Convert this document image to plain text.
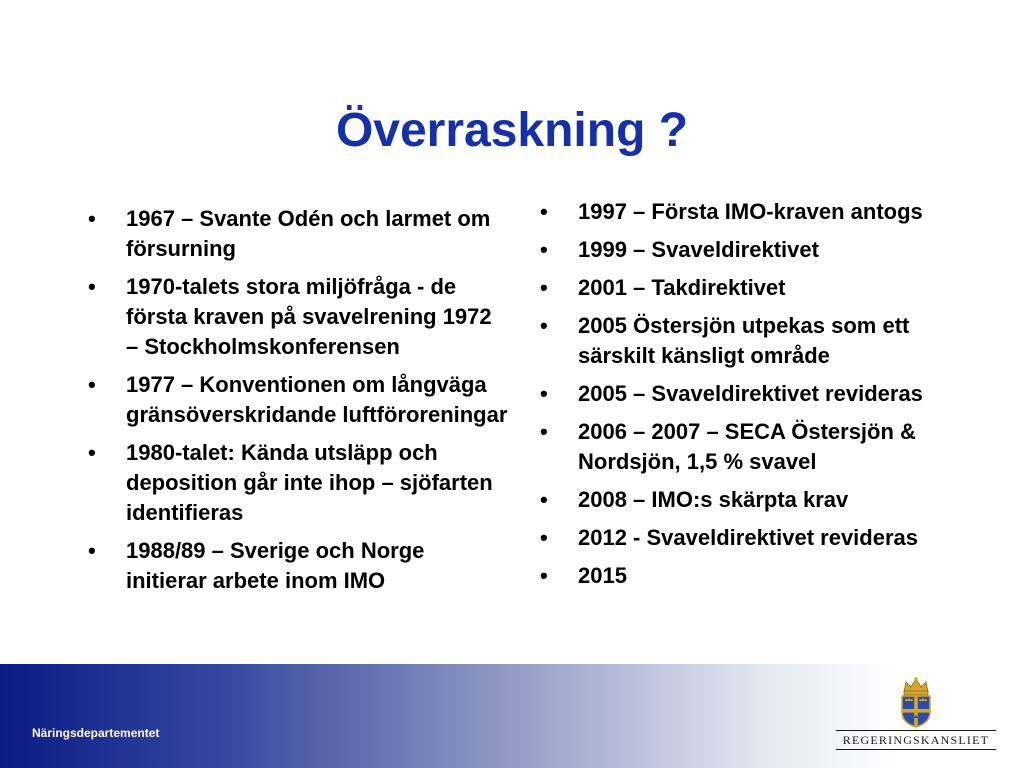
Överraskning ?
•	1967 – Svante Odén och larmet om försurning
•	1970-talets stora miljöfråga - de första kraven på svavelrening 1972 – Stockholmskonferensen
•	1977 – Konventionen om långväga gränsöverskridande luftföroreningar
•	1980-talet: Kända utsläpp och deposition går inte ihop – sjöfarten identifieras
•	1988/89 – Sverige och Norge initierar arbete inom IMO
•	1997 – Första IMO-kraven antogs
•	1999 – Svaveldirektivet
•	2001 – Takdirektivet
•	2005 Östersjön utpekas som ett särskilt känsligt område
•	2005 – Svaveldirektivet revideras
•	2006 – 2007 – SECA Östersjön & Nordsjön, 1,5 % svavel
•	2008 – IMO:s skärpta krav
•	2012 - Svaveldirektivet revideras
•	2015
Näringsdepartementet	REGERINGSKANSLIET
